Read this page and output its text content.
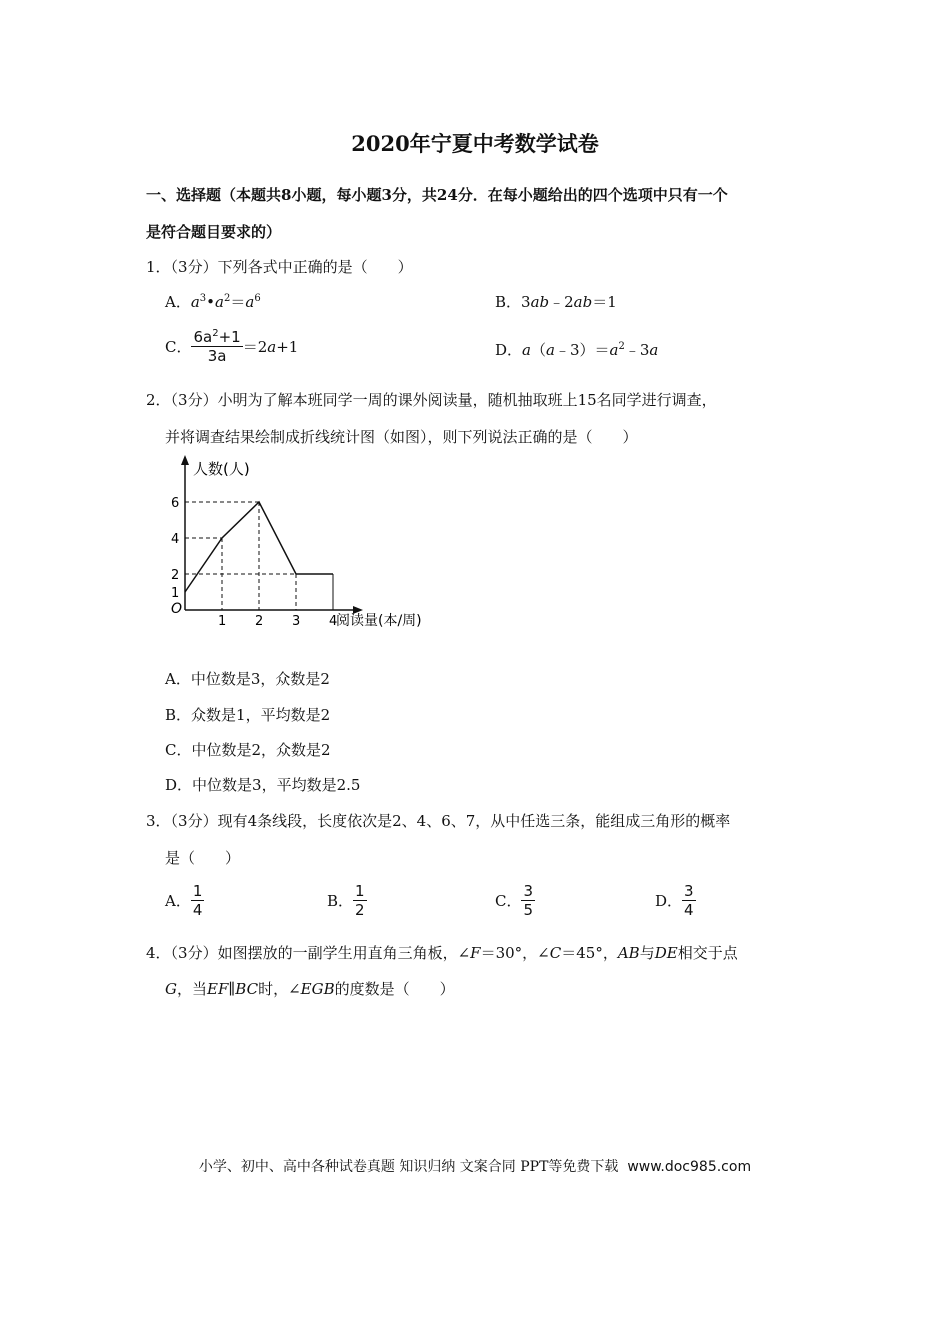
2020年宁夏中考数学试卷
一、选择题（本题共8小题，每小题3分，共24分．在每小题给出的四个选项中只有一个
是符合题目要求的）
1．（3分）下列各式中正确的是（　　）
A．$a^3•a^2=a^6$	B．3ab﹣2ab＝1
C． $\frac{6a^2+1}{3a} =2a+1$	D．$a(a﹣3)=a^2﹣3a$
2．（3分）小明为了解本班同学一周的课外阅读量，随机抽取班上15名同学进行调查，
并将调查结果绘制成折线统计图（如图），则下列说法正确的是（　　）
人数(人)
阅读量(本/周)
O
1 2 3 4
1
2
4
6
A．中位数是3，众数是2
B．众数是1，平均数是2
C．中位数是2，众数是2
D．中位数是3，平均数是2.5
3．（3分）现有4条线段，长度依次是2、4、6、7，从中任选三条，能组成三角形的概率
是（　　）
A． $\frac{1}{4}$	B． $\frac{1}{2}$	C． $\frac{3}{5}$	D． $\frac{3}{4}$
4．（3分）如图摆放的一副学生用直角三角板，∠F＝30°，∠C＝45°，AB与DE相交于点
G，当EF∥BC时，∠EGB的度数是（　　）
小学、初中、高中各种试卷真题 知识归纳 文案合同 PPT等免费下载 www.doc985.com
